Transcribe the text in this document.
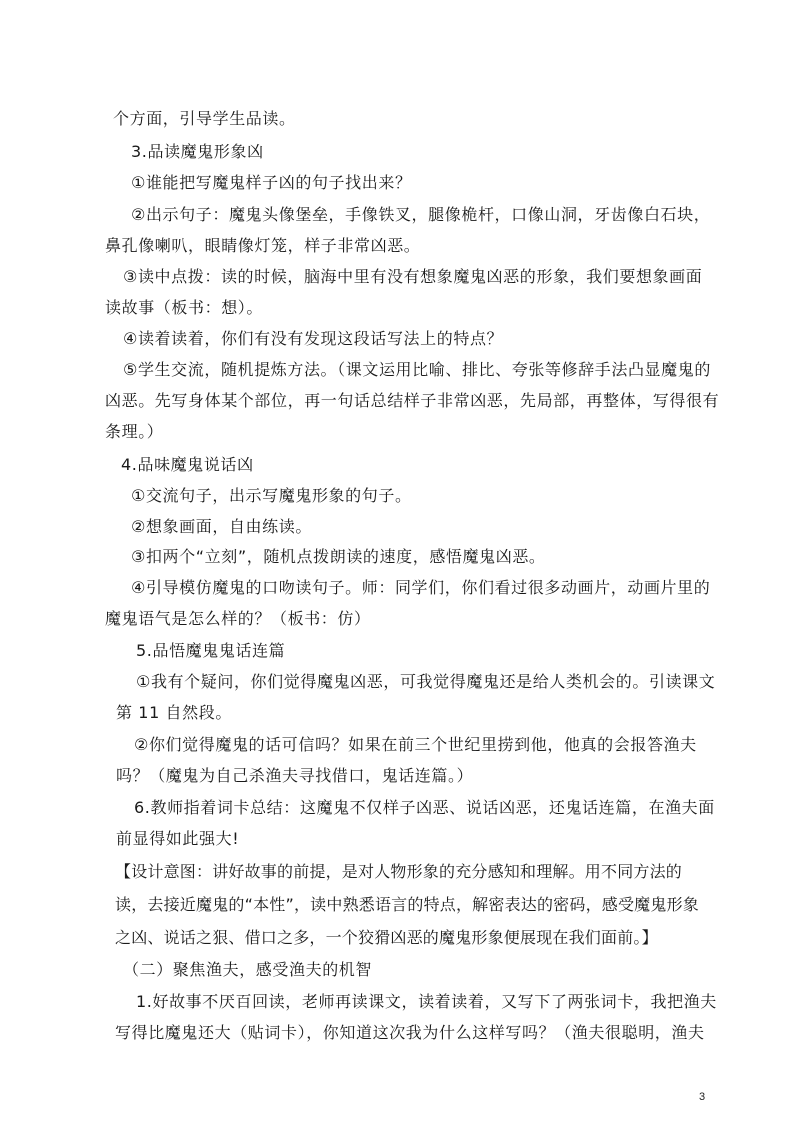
个方面，引导学生品读。
3.品读魔鬼形象凶
①谁能把写魔鬼样子凶的句子找出来？
②出示句子：魔鬼头像堡垒，手像铁叉，腿像桅杆，口像山洞，牙齿像白石块，
鼻孔像喇叭，眼睛像灯笼，样子非常凶恶。
③读中点拨：读的时候，脑海中里有没有想象魔鬼凶恶的形象，我们要想象画面
读故事（板书：想）。
④读着读着，你们有没有发现这段话写法上的特点？
⑤学生交流，随机提炼方法。（课文运用比喻、排比、夸张等修辞手法凸显魔鬼的
凶恶。先写身体某个部位，再一句话总结样子非常凶恶，先局部，再整体，写得很有
条理。）
4.品味魔鬼说话凶
①交流句子，出示写魔鬼形象的句子。
②想象画面，自由练读。
③扣两个“立刻”，随机点拨朗读的速度，感悟魔鬼凶恶。
④引导模仿魔鬼的口吻读句子。师：同学们，你们看过很多动画片，动画片里的
魔鬼语气是怎么样的？（板书：仿）
5.品悟魔鬼鬼话连篇
①我有个疑问，你们觉得魔鬼凶恶，可我觉得魔鬼还是给人类机会的。引读课文
第 11 自然段。
②你们觉得魔鬼的话可信吗？如果在前三个世纪里捞到他，他真的会报答渔夫
吗？（魔鬼为自己杀渔夫寻找借口，鬼话连篇。）
6.教师指着词卡总结：这魔鬼不仅样子凶恶、说话凶恶，还鬼话连篇，在渔夫面
前显得如此强大!
【设计意图：讲好故事的前提，是对人物形象的充分感知和理解。用不同方法的
读，去接近魔鬼的“本性”，读中熟悉语言的特点，解密表达的密码，感受魔鬼形象
之凶、说话之狠、借口之多，一个狡猾凶恶的魔鬼形象便展现在我们面前。】
（二）聚焦渔夫，感受渔夫的机智
1.好故事不厌百回读，老师再读课文，读着读着，又写下了两张词卡，我把渔夫
写得比魔鬼还大（贴词卡），你知道这次我为什么这样写吗？（渔夫很聪明，渔夫
3
